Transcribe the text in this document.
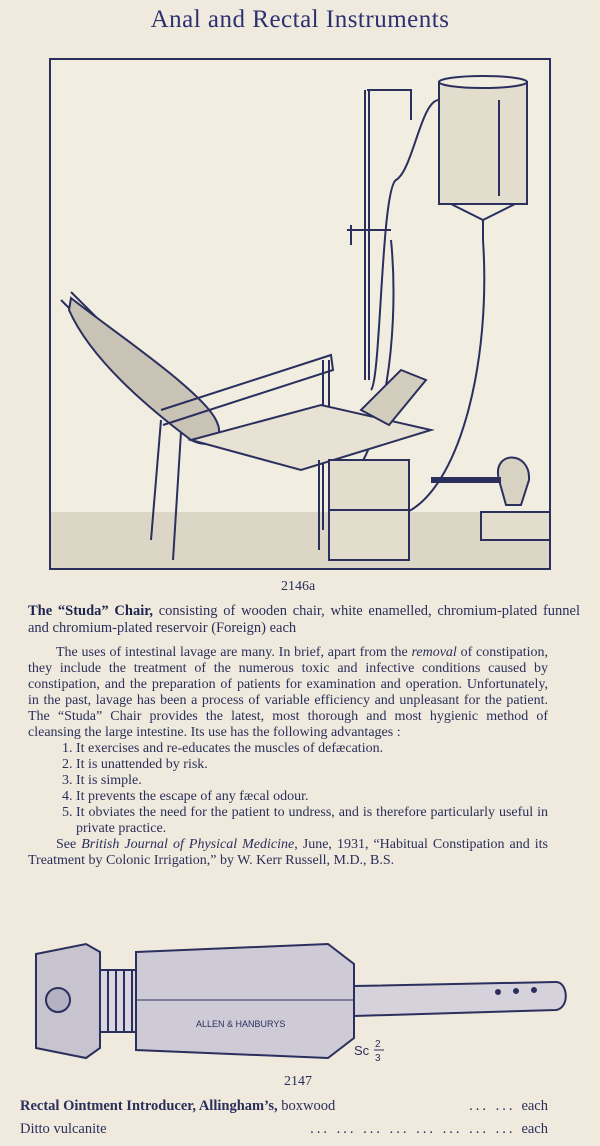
Anal and Rectal Instruments
2146a
The “Studa” Chair, consisting of wooden chair, white enamelled, chromium-plated funnel and chromium-plated reservoir (Foreign) each

The uses of intestinal lavage are many. In brief, apart from the removal of constipation, they include the treatment of the numerous toxic and infective conditions caused by constipation, and the preparation of patients for examination and operation. Unfortunately, in the past, lavage has been a process of variable efficiency and unpleasant for the patient. The “Studa” Chair provides the latest, most thorough and most hygienic method of cleansing the large intestine. Its use has the following advantages :

1. It exercises and re-educates the muscles of defæcation.
2. It is unattended by risk.
3. It is simple.
4. It prevents the escape of any fæcal odour.
5. It obviates the need for the patient to undress, and is therefore particularly useful in private practice.

See British Journal of Physical Medicine, June, 1931, “Habitual Constipation and its Treatment by Colonic Irrigation,” by W. Kerr Russell, M.D., B.S.

ALLEN & HANBURYS
Sc 2
3
2147
Rectal Ointment Introducer, Allingham’s, boxwood	... ... each
Ditto vulcanite	... ... ... ... ... ... ... ... each
